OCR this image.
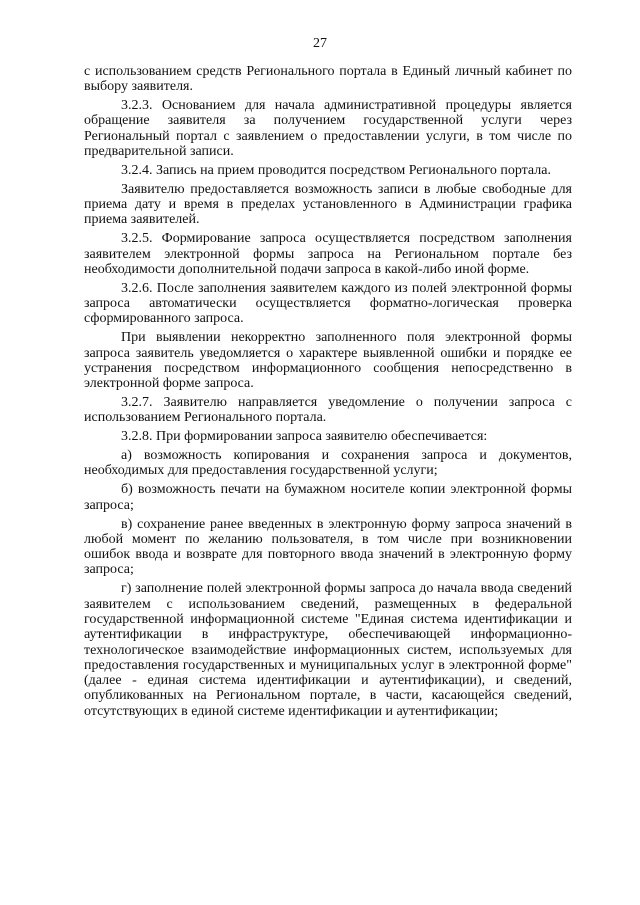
27

с использованием средств Регионального портала в Единый личный кабинет по выбору заявителя.

3.2.3. Основанием для начала административной процедуры является обращение заявителя за получением государственной услуги через Региональный портал с заявлением о предоставлении услуги, в том числе по предварительной записи.

3.2.4. Запись на прием проводится посредством Регионального портала.

Заявителю предоставляется возможность записи в любые свободные для приема дату и время в пределах установленного в Администрации графика приема заявителей.

3.2.5. Формирование запроса осуществляется посредством заполнения заявителем электронной формы запроса на Региональном портале без необходимости дополнительной подачи запроса в какой-либо иной форме.

3.2.6. После заполнения заявителем каждого из полей электронной формы запроса автоматически осуществляется форматно-логическая проверка сформированного запроса.

При выявлении некорректно заполненного поля электронной формы запроса заявитель уведомляется о характере выявленной ошибки и порядке ее устранения посредством информационного сообщения непосредственно в электронной форме запроса.

3.2.7. Заявителю направляется уведомление о получении запроса с использованием Регионального портала.

3.2.8. При формировании запроса заявителю обеспечивается:

а) возможность копирования и сохранения запроса и документов, необходимых для предоставления государственной услуги;

б) возможность печати на бумажном носителе копии электронной формы запроса;

в) сохранение ранее введенных в электронную форму запроса значений в любой момент по желанию пользователя, в том числе при возникновении ошибок ввода и возврате для повторного ввода значений в электронную форму запроса;

г) заполнение полей электронной формы запроса до начала ввода сведений заявителем с использованием сведений, размещенных в федеральной государственной информационной системе "Единая система идентификации и аутентификации в инфраструктуре, обеспечивающей информационно-технологическое взаимодействие информационных систем, используемых для предоставления государственных и муниципальных услуг в электронной форме" (далее - единая система идентификации и аутентификации), и сведений, опубликованных на Региональном портале, в части, касающейся сведений, отсутствующих в единой системе идентификации и аутентификации;
